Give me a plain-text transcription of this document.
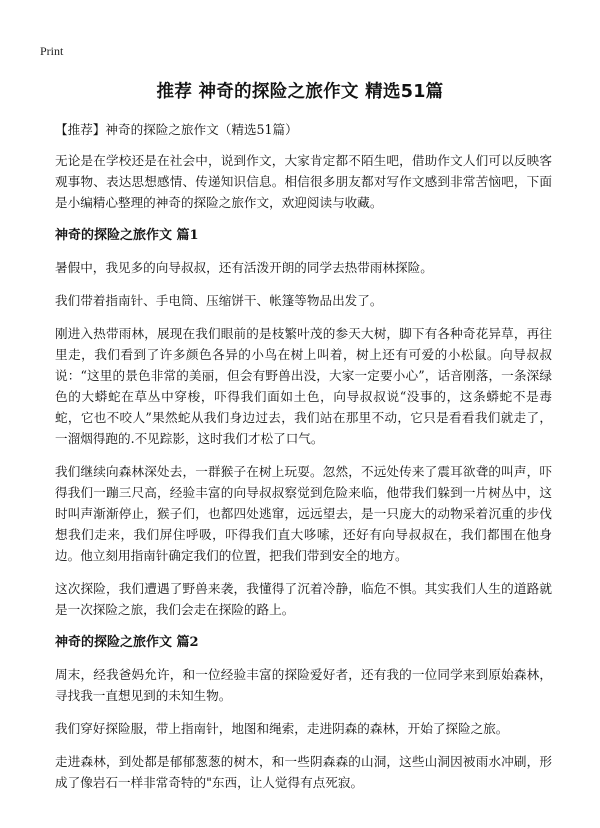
Print
推荐 神奇的探险之旅作文 精选51篇

【推荐】神奇的探险之旅作文（精选51篇）

无论是在学校还是在社会中，说到作文，大家肯定都不陌生吧，借助作文人们可以反映客观事物、表达思想感情、传递知识信息。相信很多朋友都对写作文感到非常苦恼吧，下面是小编精心整理的神奇的探险之旅作文，欢迎阅读与收藏。

神奇的探险之旅作文 篇1

暑假中，我见多的向导叔叔，还有活泼开朗的同学去热带雨林探险。

我们带着指南针、手电筒、压缩饼干、帐篷等物品出发了。

刚进入热带雨林，展现在我们眼前的是枝繁叶茂的参天大树，脚下有各种奇花异草，再往里走，我们看到了许多颜色各异的小鸟在树上叫着，树上还有可爱的小松鼠。向导叔叔说：“这里的景色非常的美丽，但会有野兽出没，大家一定要小心”，话音刚落，一条深绿色的大蟒蛇在草丛中穿梭，吓得我们面如土色，向导叔叔说“没事的，这条蟒蛇不是毒蛇，它也不咬人”果然蛇从我们身边过去，我们站在那里不动，它只是看看我们就走了，一溜烟得跑的.不见踪影，这时我们才松了口气。

我们继续向森林深处去，一群猴子在树上玩耍。忽然，不远处传来了震耳欲聋的叫声，吓得我们一蹦三尺高，经验丰富的向导叔叔察觉到危险来临，他带我们躲到一片树丛中，这时叫声渐渐停止，猴子们，也都四处逃窜，远远望去，是一只庞大的动物采着沉重的步伐想我们走来，我们屏住呼吸，吓得我们直大哆嗦，还好有向导叔叔在，我们都围在他身边。他立刻用指南针确定我们的位置，把我们带到安全的地方。

这次探险，我们遭遇了野兽来袭，我懂得了沉着冷静，临危不惧。其实我们人生的道路就是一次探险之旅，我们会走在探险的路上。

神奇的探险之旅作文 篇2

周末，经我爸妈允许，和一位经验丰富的探险爱好者，还有我的一位同学来到原始森林，寻找我一直想见到的未知生物。

我们穿好探险服，带上指南针，地图和绳索，走进阴森的森林，开始了探险之旅。

走进森林，到处都是郁郁葱葱的树木，和一些阴森森的山洞，这些山洞因被雨水冲刷，形成了像岩石一样非常奇特的"东西，让人觉得有点死寂。
